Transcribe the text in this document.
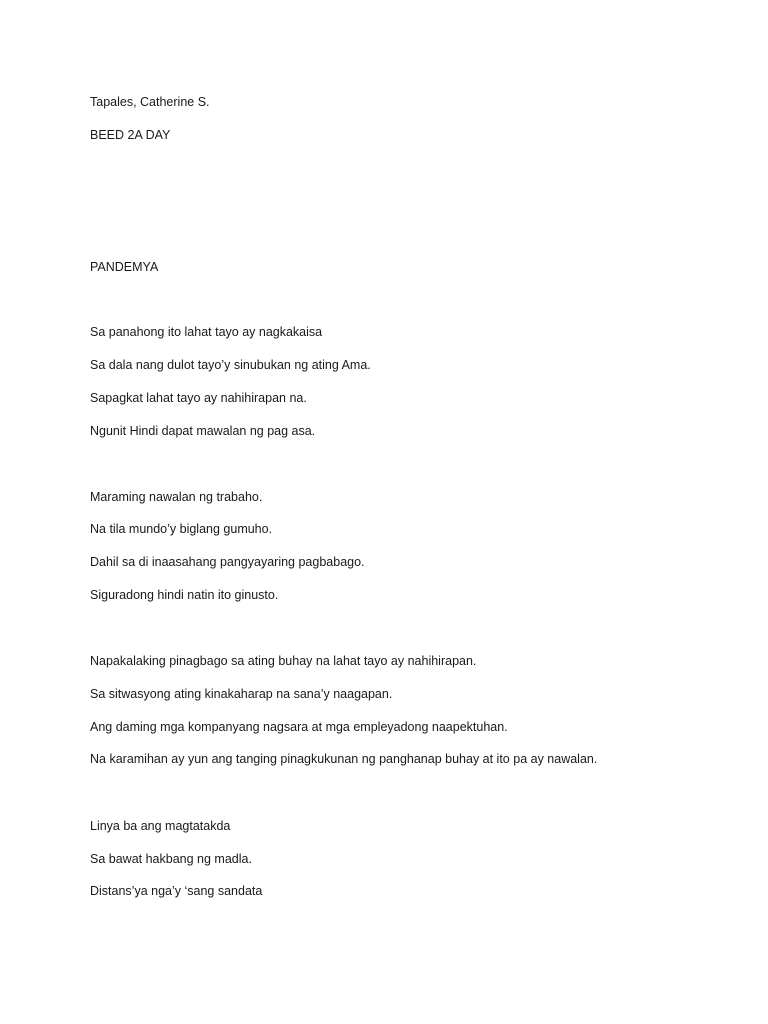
Tapales, Catherine S.
BEED 2A DAY
PANDEMYA
Sa panahong ito lahat tayo ay nagkakaisa
Sa dala nang dulot tayo’y sinubukan ng ating Ama.
Sapagkat lahat tayo ay nahihirapan na.
Ngunit Hindi dapat mawalan ng pag asa.
Maraming nawalan ng trabaho.
Na tila mundo’y biglang gumuho.
Dahil sa di inaasahang pangyayaring pagbabago.
Siguradong hindi natin ito ginusto.
Napakalaking pinagbago sa ating buhay na lahat tayo ay nahihirapan.
Sa sitwasyong ating kinakaharap na sana’y naagapan.
Ang daming mga kompanyang nagsara at mga empleyadong naapektuhan.
Na karamihan ay yun ang tanging pinagkukunan ng panghanap buhay at ito pa ay nawalan.
Linya ba ang magtatakda
Sa bawat hakbang ng madla.
Distans’ya nga’y ‘sang sandata
